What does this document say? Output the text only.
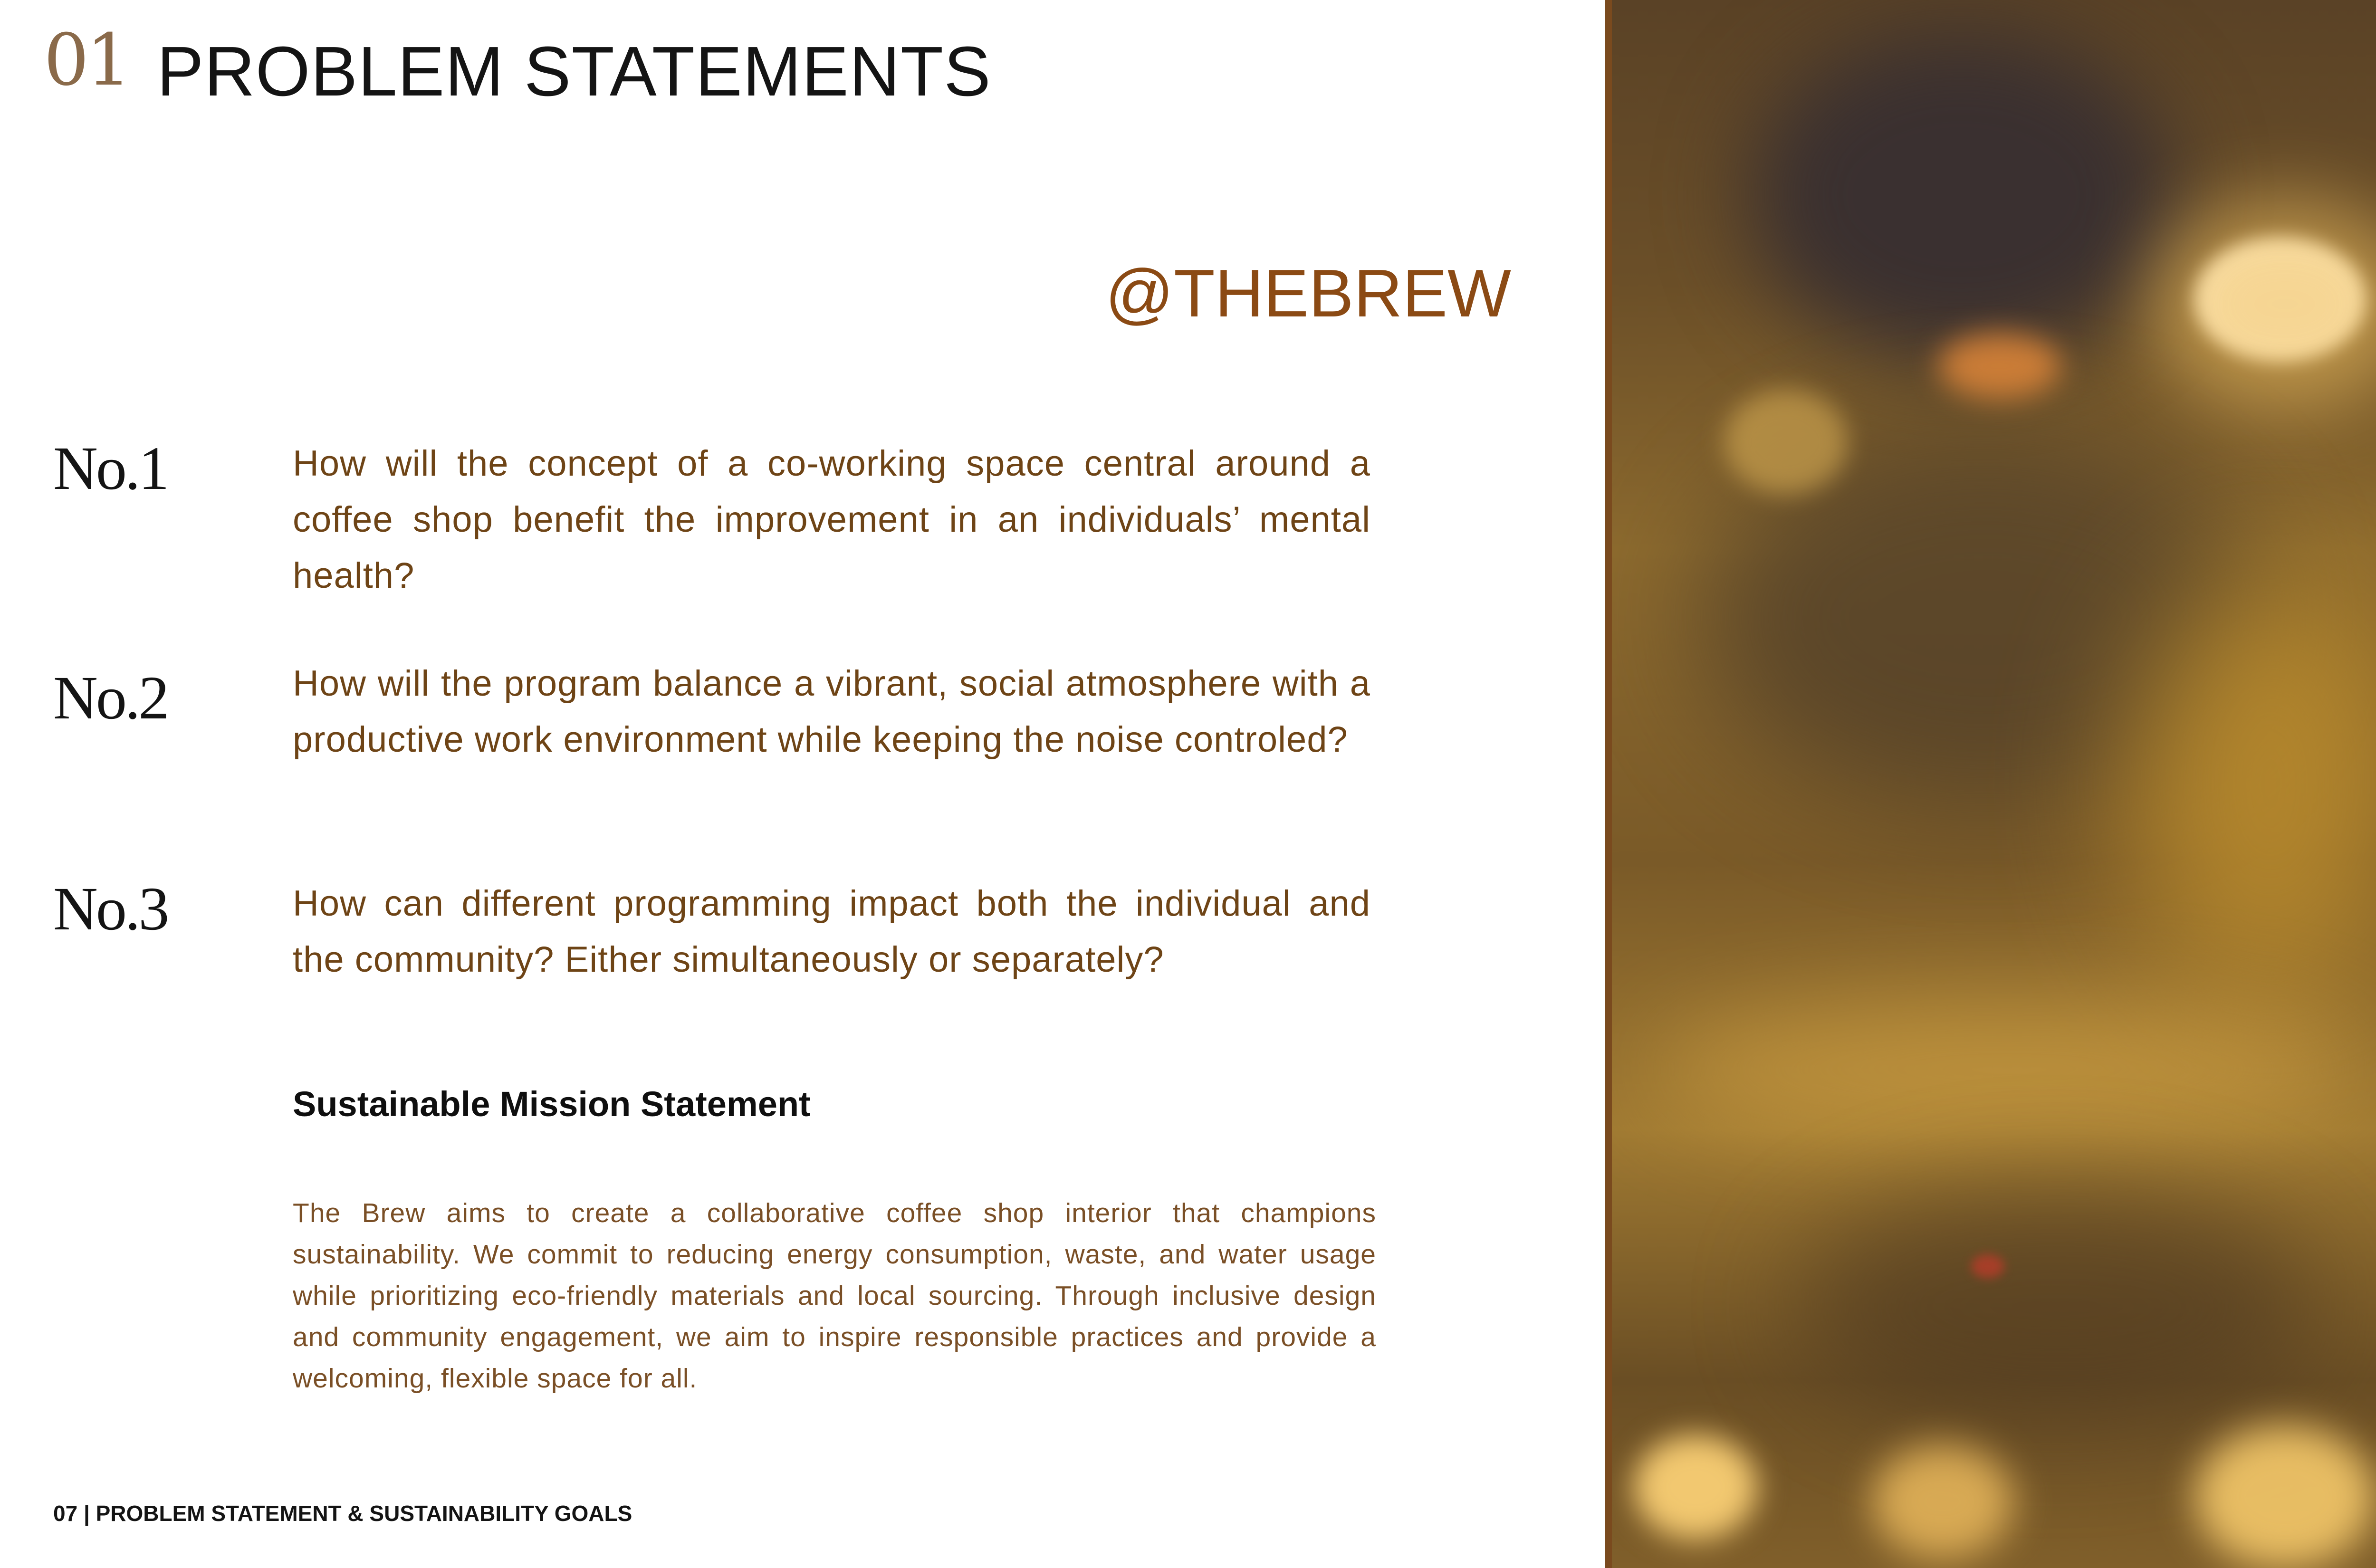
01 PROBLEM STATEMENTS
@THEBREW
No.1	How will the concept of a co-working space central around a coffee shop benefit the improvement in an individuals’ mental health?
No.2	How will the program balance a vibrant, social atmosphere with a productive work environment while keeping the noise controled?
No.3	How can different programming impact both the individual and the community? Either simultaneously or separately?
Sustainable Mission Statement
The Brew aims to create a collaborative coffee shop interior that champions sustainability. We commit to reducing energy consumption, waste, and water usage while prioritizing eco-friendly materials and local sourcing. Through inclusive design and community engagement, we aim to inspire responsible practices and provide a welcoming, flexible space for all.
07 | PROBLEM STATEMENT & SUSTAINABILITY GOALS
